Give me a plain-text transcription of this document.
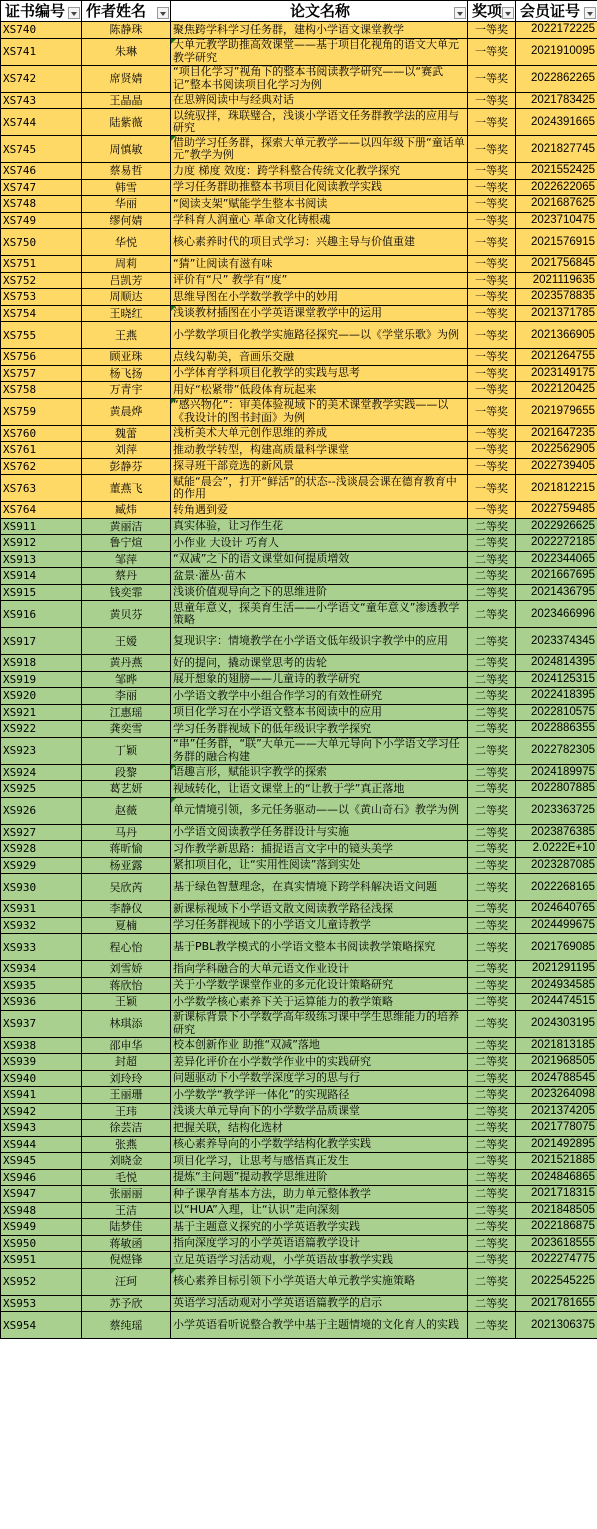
证书编号	作者姓名	论文名称	奖项	会员证号

XS740	陈静珠	聚焦跨学科学习任务群，建构小学语文课堂教学	一等奖	2022172225
XS741	朱琳	大单元教学助推高效课堂——基于项目化视角的语文大单元教学研究	一等奖	2021910095
XS742	席贤婧	“项目化学习”视角下的整本书阅读教学研究——以“赛武记”整本书阅读项目化学习为例	一等奖	2022862265
XS743	王晶晶	在思辨阅读中与经典对话	一等奖	2021783425
XS744	陆紫薇	以统驭拌，珠联璧合，浅谈小学语文任务群教学法的应用与研究	一等奖	2024391665
XS745	周慎敏	借助学习任务群，探索大单元教学——以四年级下册“童话单元”教学为例	一等奖	2021827745
XS746	蔡易哲	力度 梯度 效度：跨学科整合传统文化教学探究	一等奖	2021552425
XS747	韩雪	学习任务群助推整本书项目化阅读教学实践	一等奖	2022622065
XS748	华丽	“阅读支架”赋能学生整本书阅读	一等奖	2021687625
XS749	缪何婧	学科育人润童心 革命文化铸根魂	一等奖	2023710475
XS750	华悦	核心素养时代的项目式学习：兴趣主导与价值重建	一等奖	2021576915
XS751	周莉	“猜”让阅读有滋有味	一等奖	2021756845
XS752	吕凯芳	评价有“尺” 教学有“度”	一等奖	2021119635
XS753	周顺达	思维导图在小学数学教学中的妙用	一等奖	2023578835
XS754	王晓红	浅谈教材插图在小学英语课堂教学中的运用	一等奖	2021371785
XS755	王燕	小学数学项目化教学实施路径探究——以《学堂乐歌》为例	一等奖	2021366905
XS756	顾亚珠	点线勾勒美，音画乐交融	一等奖	2021264755
XS757	杨飞扬	小学体育学科项目化教学的实践与思考	一等奖	2023149175
XS758	万青宇	用好“松紧带”低段体育玩起来	一等奖	2022120425
XS759	黄晨烨	“感兴物化”：审美体验视域下的美术课堂教学实践——以《我设计的图书封面》为例	一等奖	2021979655
XS760	魏蕾	浅析美术大单元创作思维的养成	一等奖	2021647235
XS761	刘萍	推动教学转型，构建高质量科学课堂	一等奖	2022562905
XS762	彭静芬	探寻班干部竞选的新风景	一等奖	2022739405
XS763	董燕飞	赋能“晨会”，打开“鲜活”的状态--浅谈晨会课在德育教育中的作用	一等奖	2021812215
XS764	臧炜	转角遇到爱	一等奖	2022759485
XS911	黄丽洁	真实体验，让习作生花	二等奖	2022926625
XS912	鲁宁煊	小作业 大设计 巧育人	二等奖	2022272185
XS913	邹萍	“双减”之下的语文课堂如何提质增效	二等奖	2022344065
XS914	蔡丹	盆景·灌丛·苗木	二等奖	2021667695
XS915	钱奕霏	浅谈价值观导向之下的思维进阶	二等奖	2021436795
XS916	黄贝芬	思童年意义，探美育生活——小学语文“童年意义”渗透教学策略	二等奖	2023466996
XS917	王嫒	复现识字：情境教学在小学语文低年级识字教学中的应用	二等奖	2023374345
XS918	黄丹燕	好的提问，撬动课堂思考的齿轮	二等奖	2024814395
XS919	邹晔	展开想象的翅膀——儿童诗的教学研究	二等奖	2024125315
XS920	李丽	小学语文教学中小组合作学习的有效性研究	二等奖	2022418395
XS921	江惠瑶	项目化学习在小学语文整本书阅读中的应用	二等奖	2022810575
XS922	龚奕雪	学习任务群视域下的低年级识字教学探究	二等奖	2022886355
XS923	丁颖	“串”任务群，“联”大单元——大单元导向下小学语文学习任务群的融合构建	二等奖	2022782305
XS924	段黎	语趣言形，赋能识字教学的探索	二等奖	2024189975
XS925	葛艺妍	视域转化，让语文课堂上的“让教于学”真正落地	二等奖	2022807885
XS926	赵薇	单元情境引领，多元任务驱动——以《黄山奇石》教学为例	二等奖	2023363725
XS927	马丹	小学语文阅读教学任务群设计与实施	二等奖	2023876385
XS928	蒋昕愉	习作教学新思路：捕捉语言文字中的镜头美学	二等奖	2.0222E+10
XS929	杨亚露	紧扣项目化，让“实用性阅读”落到实处	二等奖	2023287085
XS930	吴欣芮	基于绿色智慧理念，在真实情境下跨学科解决语文问题	二等奖	2022268165
XS931	李静仪	新课标视域下小学语文散文阅读教学路径浅探	二等奖	2024640765
XS932	夏楠	学习任务群视域下的小学语文儿童诗教学	二等奖	2024499675
XS933	程心怡	基于PBL教学模式的小学语文整本书阅读教学策略探究	二等奖	2021769085
XS934	刘雪娇	指向学科融合的大单元语文作业设计	二等奖	2021291195
XS935	蒋欣怡	关于小学数学课堂作业的多元化设计策略研究	二等奖	2024934585
XS936	王颖	小学数学核心素养下关于运算能力的教学策略	二等奖	2024474515
XS937	林琪添	新课标背景下小学数学高年级练习课中学生思维能力的培养研究	二等奖	2024303195
XS938	邵申华	校本创新作业 助推“双减”落地	二等奖	2021813185
XS939	封超	差异化评价在小学数学作业中的实践研究	二等奖	2021968505
XS940	刘玲玲	问题驱动下小学数学深度学习的思与行	二等奖	2024788545
XS941	王丽珊	小学数学“教学评一体化”的实现路径	二等奖	2023264098
XS942	王玮	浅谈大单元导向下的小学数学品质课堂	二等奖	2021374205
XS943	徐芸洁	把握关联，结构化选材	二等奖	2021778075
XS944	张燕	核心素养导向的小学数学结构化教学实践	二等奖	2021492895
XS945	刘晓金	项目化学习，让思考与感悟真正发生	二等奖	2021521885
XS946	毛悦	提炼“主问题”提动教学思维进阶	二等奖	2024846865
XS947	张丽丽	种子课孕育基本方法，助力单元整体教学	二等奖	2021718315
XS948	王洁	以“HUA”入理，让“认识”走向深刻	二等奖	2021848505
XS949	陆梦佳	基于主题意义探究的小学英语教学实践	二等奖	2022186875
XS950	蒋敏函	指向深度学习的小学英语语篇教学设计	二等奖	2023618555
XS951	倪煜锋	立足英语学习活动观，小学英语故事教学实践	二等奖	2022274775
XS952	汪珂	核心素养目标引领下小学英语大单元教学实施策略	二等奖	2022545225
XS953	苏予欣	英语学习活动观对小学英语语篇教学的启示	二等奖	2021781655
XS954	蔡纯瑶	小学英语看听说整合教学中基于主题情境的文化育人的实践	二等奖	2021306375
